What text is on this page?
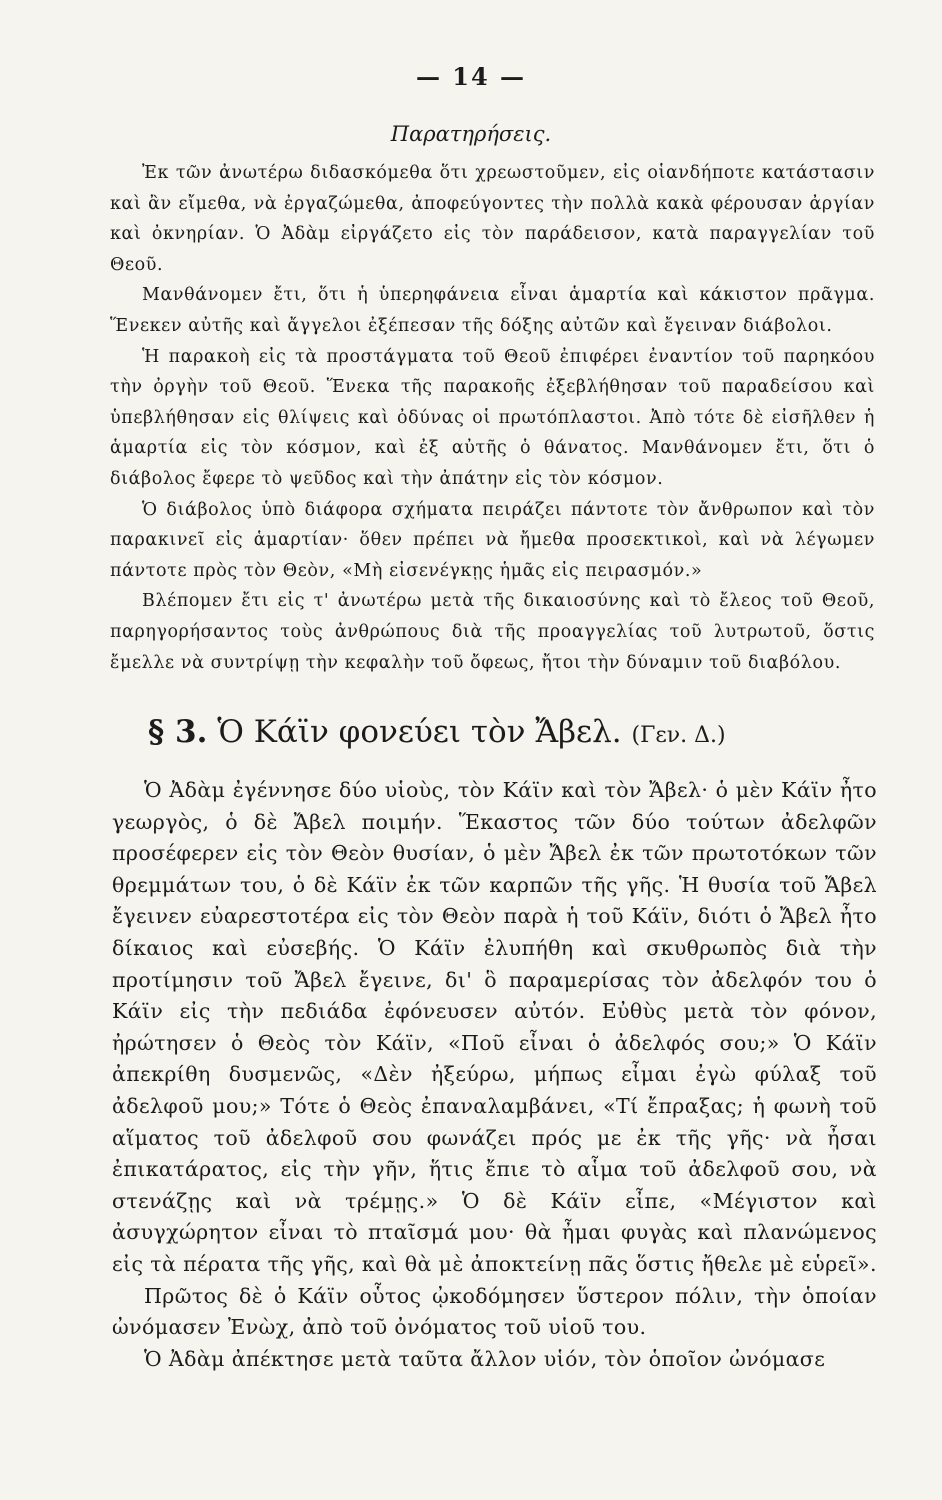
— 14 —
Παρατηρήσεις.

Ἐκ τῶν ἀνωτέρω διδασκόμεθα ὅτι χρεωστοῦμεν, εἰς οἱανδήποτε κατάστασιν καὶ ἂν εἴμεθα, νὰ ἐργαζώμεθα, ἀποφεύγοντες τὴν πολλὰ κακὰ φέρουσαν ἀργίαν καὶ ὀκνηρίαν. Ὁ Ἀδὰμ εἰργάζετο εἰς τὸν παράδεισον, κατὰ παραγγελίαν τοῦ Θεοῦ.

Μανθάνομεν ἔτι, ὅτι ἡ ὑπερηφάνεια εἶναι ἁμαρτία καὶ κάκιστον πρᾶγμα. Ἕνεκεν αὐτῆς καὶ ἄγγελοι ἐξέπεσαν τῆς δόξης αὐτῶν καὶ ἔγειναν διάβολοι.

Ἡ παρακοὴ εἰς τὰ προστάγματα τοῦ Θεοῦ ἐπιφέρει ἐναντίον τοῦ παρηκόου τὴν ὀργὴν τοῦ Θεοῦ. Ἕνεκα τῆς παρακοῆς ἐξεβλήθησαν τοῦ παραδείσου καὶ ὑπεβλήθησαν εἰς θλίψεις καὶ ὀδύνας οἱ πρωτόπλαστοι. Ἀπὸ τότε δὲ εἰσῆλθεν ἡ ἁμαρτία εἰς τὸν κόσμον, καὶ ἐξ αὐτῆς ὁ θάνατος. Μανθάνομεν ἔτι, ὅτι ὁ διάβολος ἔφερε τὸ ψεῦδος καὶ τὴν ἀπάτην εἰς τὸν κόσμον.

Ὁ διάβολος ὑπὸ διάφορα σχήματα πειράζει πάντοτε τὸν ἄνθρωπον καὶ τὸν παρακινεῖ εἰς ἁμαρτίαν· ὅθεν πρέπει νὰ ἤμεθα προσεκτικοὶ, καὶ νὰ λέγωμεν πάντοτε πρὸς τὸν Θεὸν, «Μὴ εἰσενέγκῃς ἡμᾶς εἰς πειρασμόν.»

Βλέπομεν ἔτι εἰς τ' ἀνωτέρω μετὰ τῆς δικαιοσύνης καὶ τὸ ἔλεος τοῦ Θεοῦ, παρηγορήσαντος τοὺς ἀνθρώπους διὰ τῆς προαγγελίας τοῦ λυτρωτοῦ, ὅστις ἔμελλε νὰ συντρίψῃ τὴν κεφαλὴν τοῦ ὄφεως, ἤτοι τὴν δύναμιν τοῦ διαβόλου.

§ 3. Ὁ Κάϊν φονεύει τὸν Ἄβελ. (Γεν. Δ.)

Ὁ Ἀδὰμ ἐγέννησε δύο υἱοὺς, τὸν Κάϊν καὶ τὸν Ἄβελ· ὁ μὲν Κάϊν ἦτο γεωργὸς, ὁ δὲ Ἄβελ ποιμήν. Ἕκαστος τῶν δύο τούτων ἀδελφῶν προσέφερεν εἰς τὸν Θεὸν θυσίαν, ὁ μὲν Ἄβελ ἐκ τῶν πρωτοτόκων τῶν θρεμμάτων του, ὁ δὲ Κάϊν ἐκ τῶν καρπῶν τῆς γῆς. Ἡ θυσία τοῦ Ἄβελ ἔγεινεν εὐαρεστοτέρα εἰς τὸν Θεὸν παρὰ ἡ τοῦ Κάϊν, διότι ὁ Ἄβελ ἦτο δίκαιος καὶ εὐσεβής. Ὁ Κάϊν ἐλυπήθη καὶ σκυθρωπὸς διὰ τὴν προτίμησιν τοῦ Ἄβελ ἔγεινε, δι' ὃ παραμερίσας τὸν ἀδελφόν του ὁ Κάϊν εἰς τὴν πεδιάδα ἐφόνευσεν αὐτόν. Εὐθὺς μετὰ τὸν φόνον, ἠρώτησεν ὁ Θεὸς τὸν Κάϊν, «Ποῦ εἶναι ὁ ἀδελφός σου;» Ὁ Κάϊν ἀπεκρίθη δυσμενῶς, «Δὲν ἠξεύρω, μήπως εἶμαι ἐγὼ φύλαξ τοῦ ἀδελφοῦ μου;» Τότε ὁ Θεὸς ἐπαναλαμβάνει, «Τί ἔπραξας; ἡ φωνὴ τοῦ αἵματος τοῦ ἀδελφοῦ σου φωνάζει πρός με ἐκ τῆς γῆς· νὰ ἦσαι ἐπικατάρατος, εἰς τὴν γῆν, ἥτις ἔπιε τὸ αἷμα τοῦ ἀδελφοῦ σου, νὰ στενάζῃς καὶ νὰ τρέμῃς.» Ὁ δὲ Κάϊν εἶπε, «Μέγιστον καὶ ἀσυγχώρητον εἶναι τὸ πταῖσμά μου· θὰ ἦμαι φυγὰς καὶ πλανώμενος εἰς τὰ πέρατα τῆς γῆς, καὶ θὰ μὲ ἀποκτείνῃ πᾶς ὅστις ἤθελε μὲ εὑρεῖ».

Πρῶτος δὲ ὁ Κάϊν οὗτος ᾠκοδόμησεν ὕστερον πόλιν, τὴν ὁποίαν ὠνόμασεν Ἐνὼχ, ἀπὸ τοῦ ὀνόματος τοῦ υἱοῦ του.

Ὁ Ἀδὰμ ἀπέκτησε μετὰ ταῦτα ἄλλον υἱόν, τὸν ὁποῖον ὠνόμασε
